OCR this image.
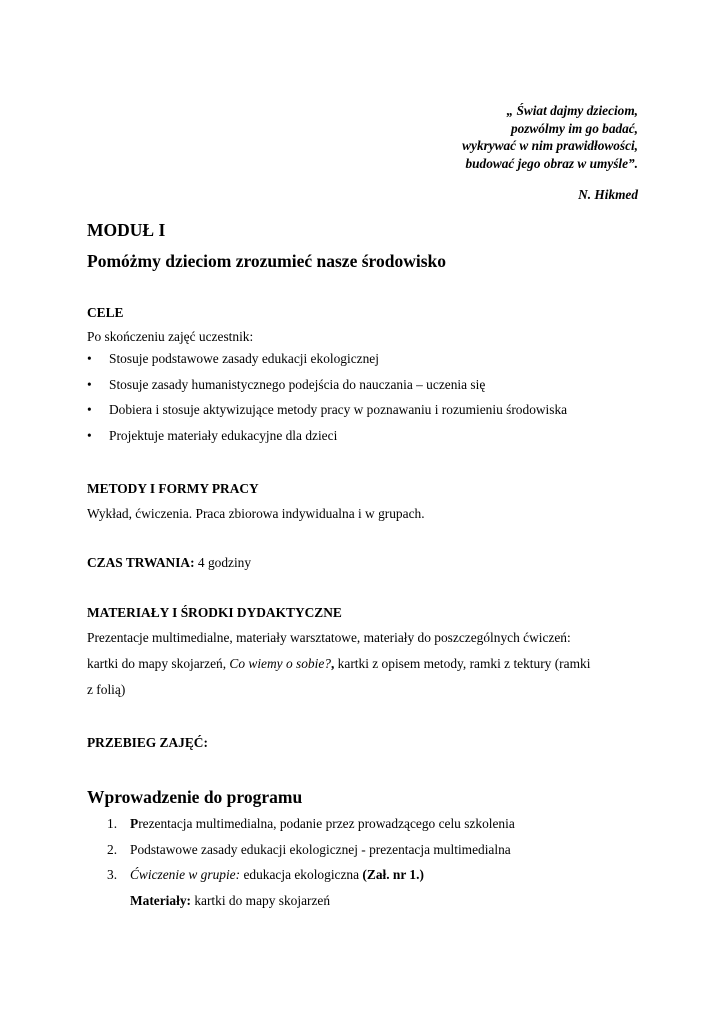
„ Świat dajmy dzieciom,
pozwólmy im go badać,
wykrywać w nim prawidłowości,
budować jego obraz w umyśle”.
N. Hikmed
MODUŁ I
Pomóżmy dzieciom zrozumieć nasze środowisko
CELE
Po skończeniu zajęć uczestnik:
• Stosuje podstawowe zasady edukacji ekologicznej
• Stosuje zasady humanistycznego podejścia do nauczania – uczenia się
• Dobiera i stosuje aktywizujące metody pracy w poznawaniu i rozumieniu środowiska
• Projektuje materiały edukacyjne dla dzieci
METODY I FORMY PRACY
Wykład, ćwiczenia. Praca zbiorowa indywidualna i w grupach.
CZAS TRWANIA: 4 godziny
MATERIAŁY I ŚRODKI DYDAKTYCZNE
Prezentacje multimedialne, materiały warsztatowe, materiały do poszczególnych ćwiczeń:
kartki do mapy skojarzeń, Co wiemy o sobie?, kartki z opisem metody, ramki z tektury (ramki
z folią)
PRZEBIEG ZAJĘĆ:
Wprowadzenie do programu
1. Prezentacja multimedialna, podanie przez prowadzącego celu szkolenia
2. Podstawowe zasady edukacji ekologicznej - prezentacja multimedialna
3. Ćwiczenie w grupie: edukacja ekologiczna (Zał. nr 1.)
Materiały: kartki do mapy skojarzeń
